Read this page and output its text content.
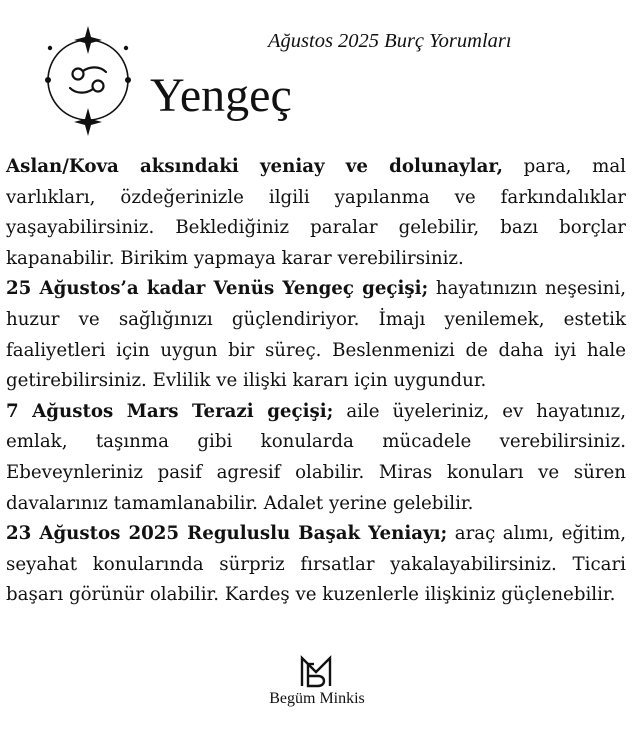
Ağustos 2025 Burç Yorumları
Yengeç

Aslan/Kova aksındaki yeniay ve dolunaylar, para, mal varlıkları, özdeğerinizle ilgili yapılanma ve farkındalıklar yaşayabilirsiniz. Beklediğiniz paralar gelebilir, bazı borçlar kapanabilir. Birikim yapmaya karar verebilirsiniz.

25 Ağustos’a kadar Venüs Yengeç geçişi; hayatınızın neşesini, huzur ve sağlığınızı güçlendiriyor. İmajı yenilemek, estetik faaliyetleri için uygun bir süreç. Beslenmenizi de daha iyi hale getirebilirsiniz. Evlilik ve ilişki kararı için uygundur.

7 Ağustos Mars Terazi geçişi; aile üyeleriniz, ev hayatınız, emlak, taşınma gibi konularda mücadele verebilirsiniz. Ebeveynleriniz pasif agresif olabilir. Miras konuları ve süren davalarınız tamamlanabilir. Adalet yerine gelebilir.

23 Ağustos 2025 Reguluslu Başak Yeniayı; araç alımı, eğitim, seyahat konularında sürpriz fırsatlar yakalayabilirsiniz. Ticari başarı görünür olabilir. Kardeş ve kuzenlerle ilişkiniz güçlenebilir.

Begüm Minkis
